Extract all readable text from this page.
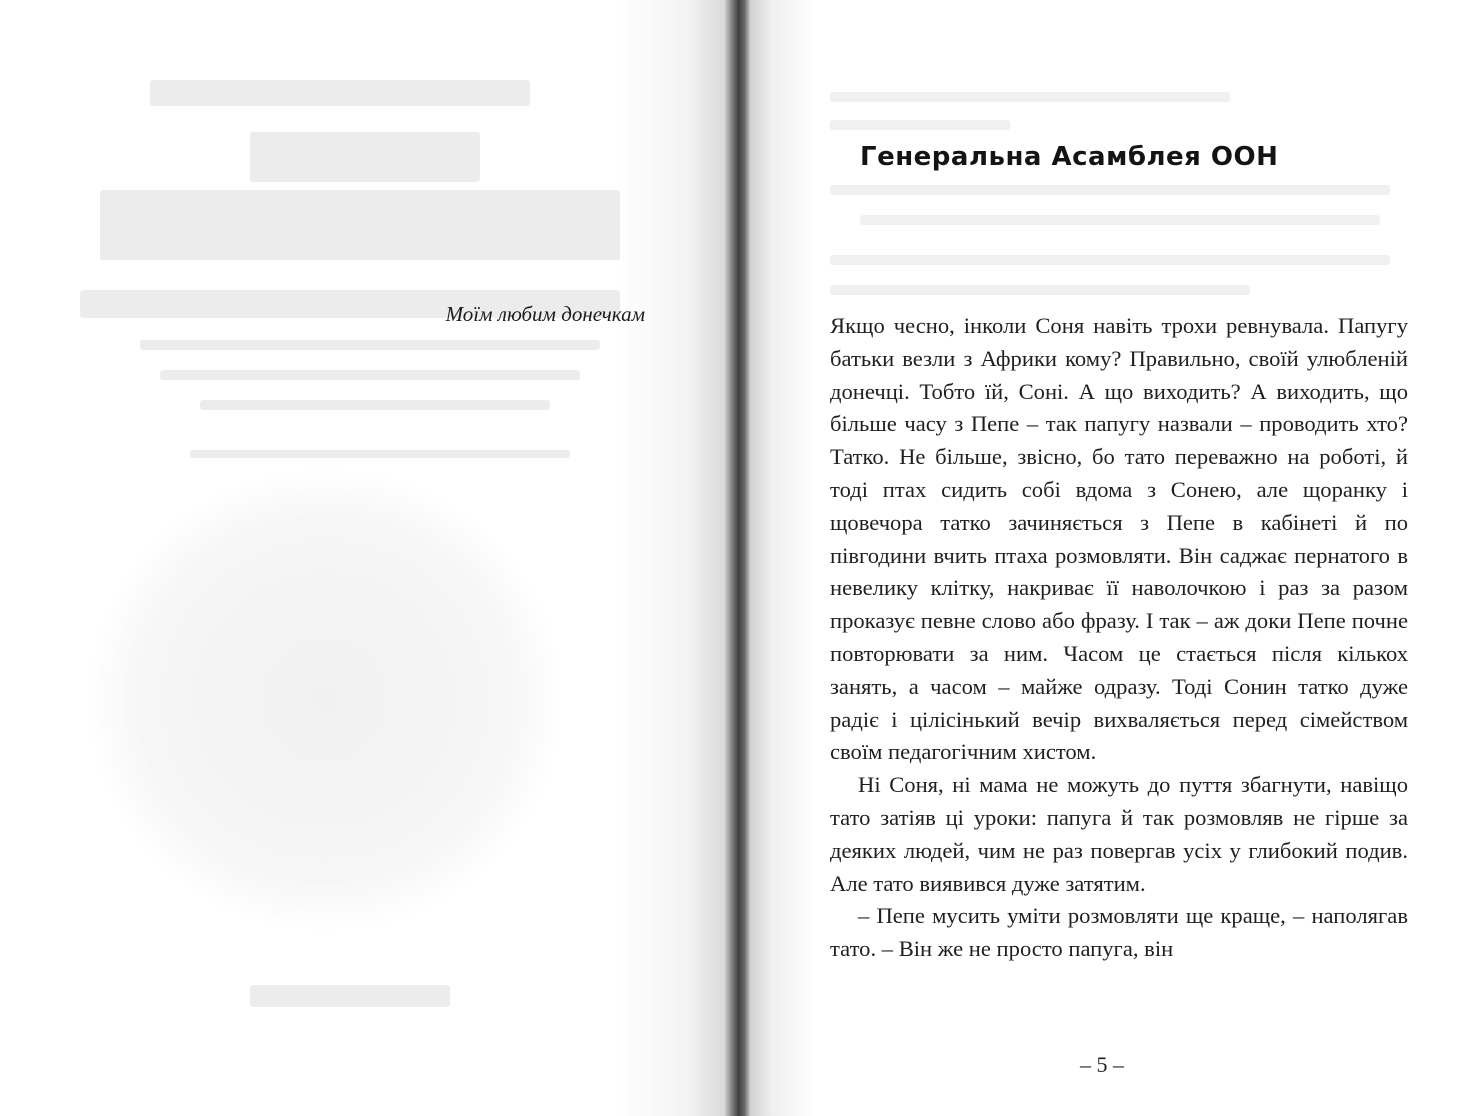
Моїм любим донечкам

Генеральна Асамблея ООН

Якщо чесно, інколи Соня навіть трохи ревнувала. Папугу батьки везли з Африки кому? Правильно, своїй улюбленій донечці. Тобто їй, Соні. А що виходить? А виходить, що більше часу з Пепе – так папугу назвали – проводить хто? Татко. Не більше, звісно, бо тато переважно на роботі, й тоді птах сидить собі вдома з Сонею, але щоранку і щовечора татко зачиняється з Пепе в кабінеті й по півгодини вчить птаха розмовляти. Він саджає пернатого в невелику клітку, накриває її наволочкою і раз за разом проказує певне слово або фразу. І так – аж доки Пепе почне повторювати за ним. Часом це стається після кількох занять, а часом – майже одразу. Тоді Сонин татко дуже радіє і цілісінький вечір вихваляється перед сімейством своїм педагогічним хистом.

Ні Соня, ні мама не можуть до пуття збагнути, навіщо тато затіяв ці уроки: папуга й так розмовляв не гірше за деяких людей, чим не раз повергав усіх у глибокий подив. Але тато виявився дуже затятим.

– Пепе мусить уміти розмовляти ще краще, – наполягав тато. – Він же не просто папуга, він

– 5 –
